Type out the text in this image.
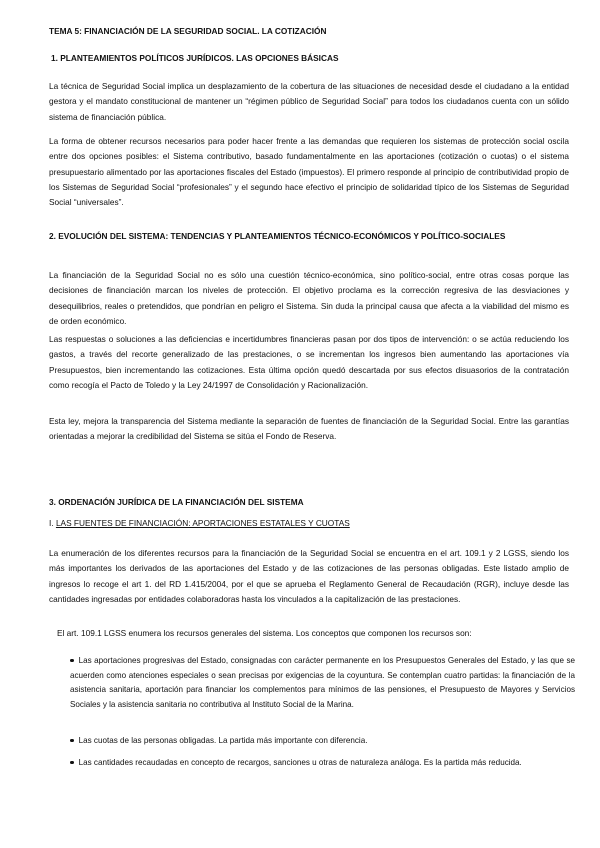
TEMA 5: FINANCIACIÓN DE LA SEGURIDAD SOCIAL. LA COTIZACIÓN
1. PLANTEAMIENTOS POLÍTICOS JURÍDICOS. LAS OPCIONES BÁSICAS

La técnica de Seguridad Social implica un desplazamiento de la cobertura de las situaciones de necesidad desde el ciudadano a la entidad gestora y el mandato constitucional de mantener un “régimen público de Seguridad Social” para todos los ciudadanos cuenta con un sólido sistema de financiación pública.

La forma de obtener recursos necesarios para poder hacer frente a las demandas que requieren los sistemas de protección social oscila entre dos opciones posibles: el Sistema contributivo, basado fundamentalmente en las aportaciones (cotización o cuotas) o el sistema presupuestario alimentado por las aportaciones fiscales del Estado (impuestos). El primero responde al principio de contributividad propio de los Sistemas de Seguridad Social “profesionales” y el segundo hace efectivo el principio de solidaridad típico de los Sistemas de Seguridad Social “universales”.

2. EVOLUCIÓN DEL SISTEMA: TENDENCIAS Y PLANTEAMIENTOS TÉCNICO-ECONÓMICOS Y POLÍTICO-SOCIALES

La financiación de la Seguridad Social no es sólo una cuestión técnico-económica, sino político-social, entre otras cosas porque las decisiones de financiación marcan los niveles de protección. El objetivo proclama es la corrección regresiva de las desviaciones y desequilibrios, reales o pretendidos, que pondrían en peligro el Sistema. Sin duda la principal causa que afecta a la viabilidad del mismo es de orden económico.

Las respuestas o soluciones a las deficiencias e incertidumbres financieras pasan por dos tipos de intervención: o se actúa reduciendo los gastos, a través del recorte generalizado de las prestaciones, o se incrementan los ingresos bien aumentando las aportaciones vía Presupuestos, bien incrementando las cotizaciones. Esta última opción quedó descartada por sus efectos disuasorios de la contratación como recogía el Pacto de Toledo y la Ley 24/1997 de Consolidación y Racionalización.

Esta ley, mejora la transparencia del Sistema mediante la separación de fuentes de financiación de la Seguridad Social. Entre las garantías orientadas a mejorar la credibilidad del Sistema se sitúa el Fondo de Reserva.

3. ORDENACIÓN JURÍDICA DE LA FINANCIACIÓN DEL SISTEMA
I. LAS FUENTES DE FINANCIACIÓN: APORTACIONES ESTATALES Y CUOTAS

La enumeración de los diferentes recursos para la financiación de la Seguridad Social se encuentra en el art. 109.1 y 2 LGSS, siendo los más importantes los derivados de las aportaciones del Estado y de las cotizaciones de las personas obligadas. Este listado amplio de ingresos lo recoge el art 1. del RD 1.415/2004, por el que se aprueba el Reglamento General de Recaudación (RGR), incluye desde las cantidades ingresadas por entidades colaboradoras hasta los vinculados a la capitalización de las prestaciones.

El art. 109.1 LGSS enumera los recursos generales del sistema. Los conceptos que componen los recursos son:

Las aportaciones progresivas del Estado, consignadas con carácter permanente en los Presupuestos Generales del Estado, y las que se acuerden como atenciones especiales o sean precisas por exigencias de la coyuntura. Se contemplan cuatro partidas: la financiación de la asistencia sanitaria, aportación para financiar los complementos para mínimos de las pensiones, el Presupuesto de Mayores y Servicios Sociales y la asistencia sanitaria no contributiva al Instituto Social de la Marina.
Las cuotas de las personas obligadas. La partida más importante con diferencia.
Las cantidades recaudadas en concepto de recargos, sanciones u otras de naturaleza análoga. Es la partida más reducida.
